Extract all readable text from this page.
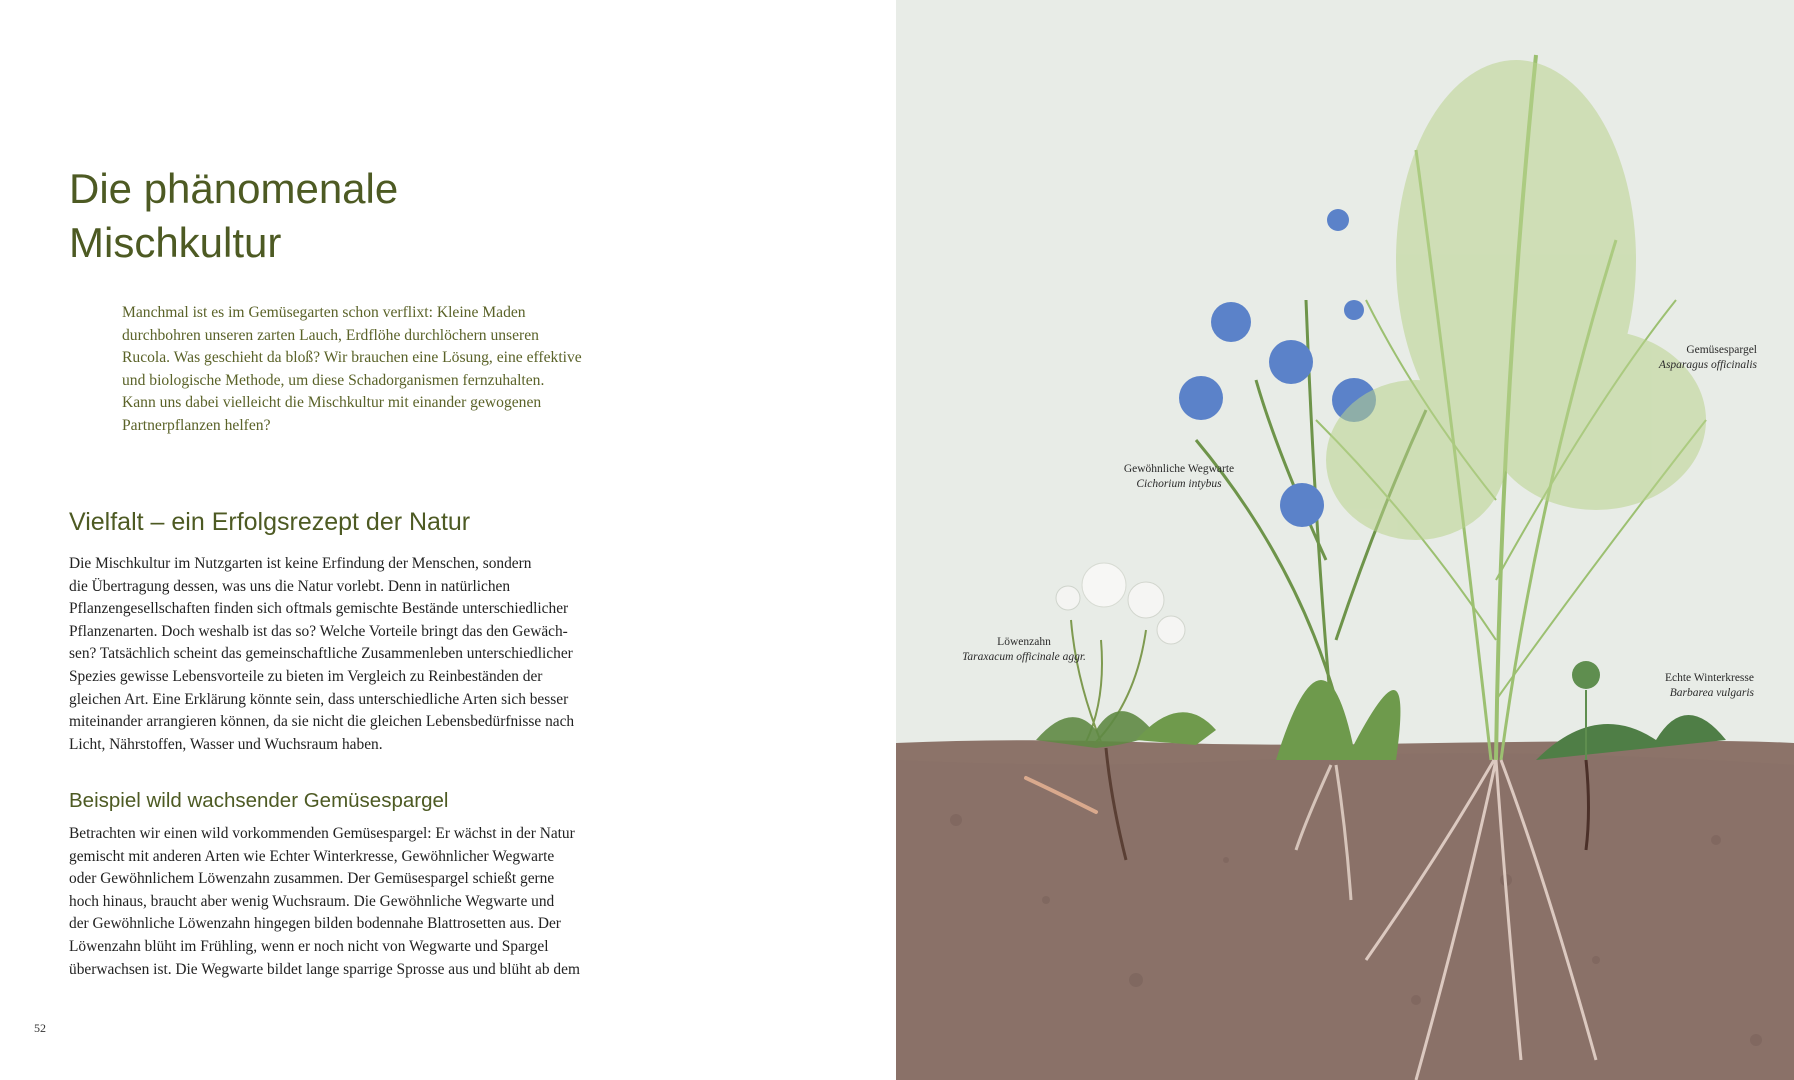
Die phänomenale
Mischkultur

Manchmal ist es im Gemüsegarten schon verflixt: Kleine Maden
durchbohren unseren zarten Lauch, Erdflöhe durchlöchern unseren
Rucola. Was geschieht da bloß? Wir brauchen eine Lösung, eine effektive
und biologische Methode, um diese Schadorganismen fernzuhalten.
Kann uns dabei vielleicht die Mischkultur mit einander gewogenen
Partnerpflanzen helfen?

Vielfalt – ein Erfolgsrezept der Natur

Die Mischkultur im Nutzgarten ist keine Erfindung der Menschen, sondern
die Übertragung dessen, was uns die Natur vorlebt. Denn in natürlichen
Pflanzengesellschaften finden sich oftmals gemischte Bestände unterschiedlicher
Pflanzenarten. Doch weshalb ist das so? Welche Vorteile bringt das den Gewäch-
sen? Tatsächlich scheint das gemeinschaftliche Zusammenleben unterschiedlicher
Spezies gewisse Lebensvorteile zu bieten im Vergleich zu Reinbeständen der
gleichen Art. Eine Erklärung könnte sein, dass unterschiedliche Arten sich besser
miteinander arrangieren können, da sie nicht die gleichen Lebensbedürfnisse nach
Licht, Nährstoffen, Wasser und Wuchsraum haben.

Beispiel wild wachsender Gemüsespargel

Betrachten wir einen wild vorkommenden Gemüsespargel: Er wächst in der Natur
gemischt mit anderen Arten wie Echter Winterkresse, Gewöhnlicher Wegwarte
oder Gewöhnlichem Löwenzahn zusammen. Der Gemüsespargel schießt gerne
hoch hinaus, braucht aber wenig Wuchsraum. Die Gewöhnliche Wegwarte und
der Gewöhnliche Löwenzahn hingegen bilden bodennahe Blattrosetten aus. Der
Löwenzahn blüht im Frühling, wenn er noch nicht von Wegwarte und Spargel
überwachsen ist. Die Wegwarte bildet lange sparrige Sprosse aus und blüht ab dem

52
Gemüsespargel
Asparagus officinalis
Gewöhnliche Wegwarte
Cichorium intybus
Löwenzahn
Taraxacum officinale aggr.
Echte Winterkresse
Barbarea vulgaris
